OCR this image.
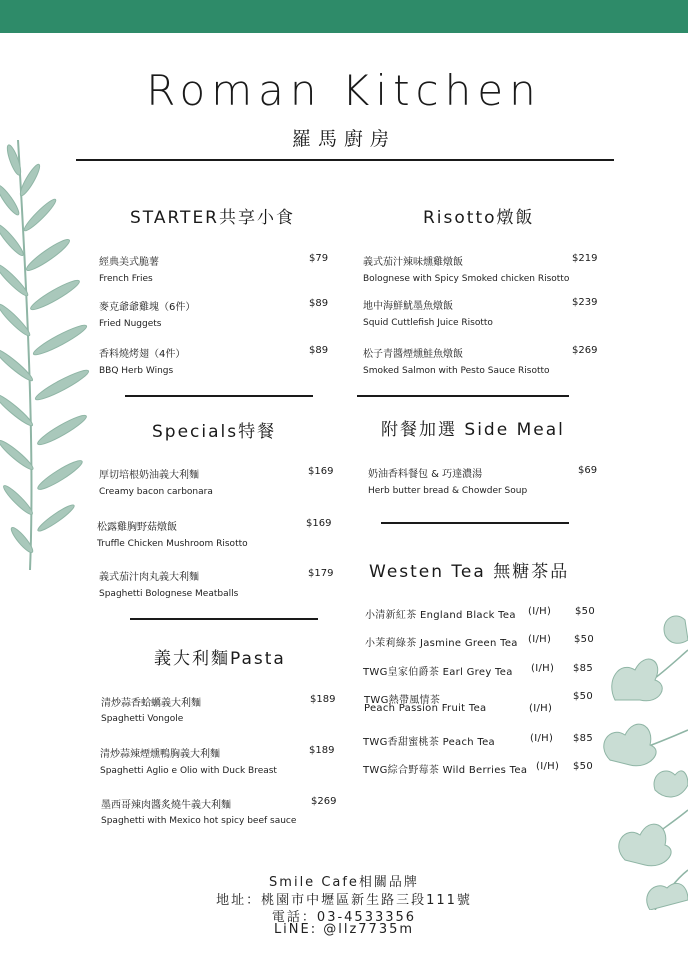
Roman Kitchen
羅馬廚房
STARTER共享小食
經典美式脆薯
French Fries
$79
麥克爺爺雞塊（6件）
Fried Nuggets
$89
香料燒烤翅（4件）
BBQ Herb Wings
$89
Risotto燉飯
義式茄汁辣味燻雞燉飯
Bolognese with Spicy Smoked chicken Risotto
$219
地中海鮮魷墨魚燉飯
Squid Cuttlefish Juice Risotto
$239
松子青醬煙燻鮭魚燉飯
Smoked Salmon with Pesto Sauce Risotto
$269
Specials特餐
厚切培根奶油義大利麵
Creamy bacon carbonara
$169
松露雞胸野菇燉飯
Truffle Chicken Mushroom Risotto
$169
義式茄汁肉丸義大利麵
Spaghetti Bolognese Meatballs
$179
附餐加選 Side Meal
奶油香料餐包 & 巧達濃湯
Herb butter bread & Chowder Soup
$69
義大利麵Pasta
清炒蒜香蛤蠣義大利麵
Spaghetti Vongole
$189
清炒蒜辣煙燻鴨胸義大利麵
Spaghetti Aglio e Olio with Duck Breast
$189
墨西哥辣肉醬炙燒牛義大利麵
Spaghetti with Mexico hot spicy beef sauce
$269
Westen Tea 無糖茶品
小清新紅茶 England Black Tea (I/H) $50
小茉莉綠茶 Jasmine Green Tea (I/H) $50
TWG皇家伯爵茶 Earl Grey Tea (I/H) $85
TWG熱帶風情茶
Peach Passion Fruit Tea	(I/H)
$50
TWG香甜蜜桃茶 Peach Tea	(I/H) $85
TWG綜合野莓茶 Wild Berries Tea (I/H) $50
Smile Cafe相關品牌
地址：桃園市中壢區新生路三段111號
電話：03-4533356
LiNE: @llz7735m
